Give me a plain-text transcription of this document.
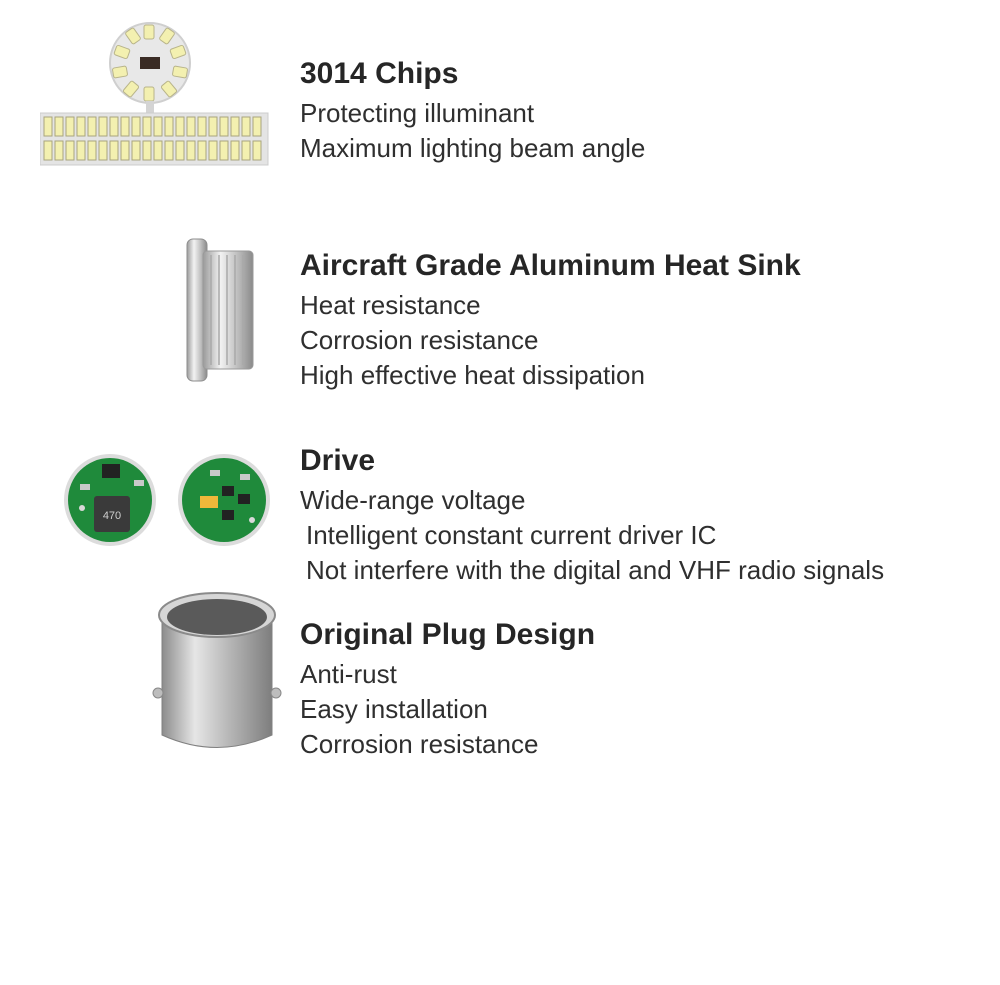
470
3014 Chips
Protecting illuminant
Maximum lighting beam angle
Aircraft Grade Aluminum Heat Sink
Heat resistance
Corrosion resistance
High effective heat dissipation
Drive
Wide-range voltage
Intelligent constant current driver IC
Not interfere with the digital and VHF radio signals
Original Plug Design
Anti-rust
Easy installation
Corrosion resistance
